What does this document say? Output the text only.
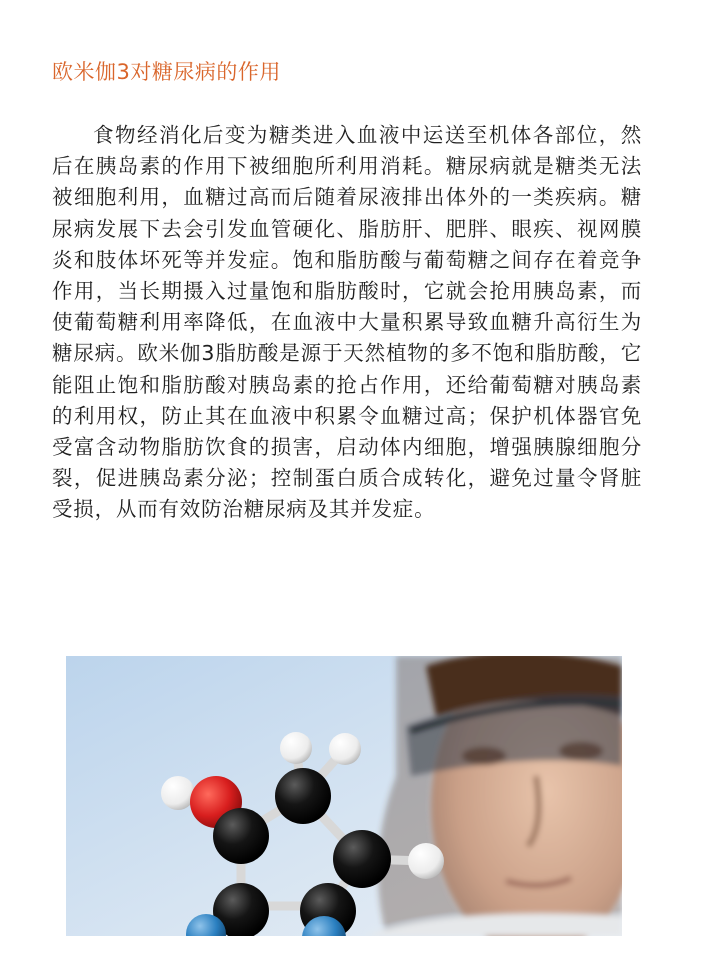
欧米伽3对糖尿病的作用
食物经消化后变为糖类进入血液中运送至机体各部位，然后在胰岛素的作用下被细胞所利用消耗。糖尿病就是糖类无法被细胞利用，血糖过高而后随着尿液排出体外的一类疾病。糖尿病发展下去会引发血管硬化、脂肪肝、肥胖、眼疾、视网膜炎和肢体坏死等并发症。饱和脂肪酸与葡萄糖之间存在着竞争作用，当长期摄入过量饱和脂肪酸时，它就会抢用胰岛素，而使葡萄糖利用率降低，在血液中大量积累导致血糖升高衍生为糖尿病。欧米伽3脂肪酸是源于天然植物的多不饱和脂肪酸，它能阻止饱和脂肪酸对胰岛素的抢占作用，还给葡萄糖对胰岛素的利用权，防止其在血液中积累令血糖过高；保护机体器官免受富含动物脂肪饮食的损害，启动体内细胞，增强胰腺细胞分裂，促进胰岛素分泌；控制蛋白质合成转化，避免过量令肾脏受损，从而有效防治糖尿病及其并发症。
